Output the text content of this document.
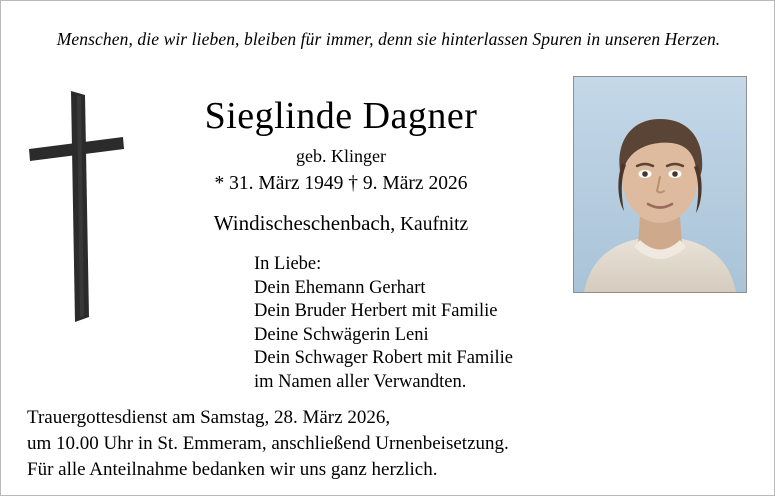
Menschen, die wir lieben, bleiben für immer, denn sie hinterlassen Spuren in unseren Herzen.
Sieglinde Dagner
geb. Klinger
* 31. März 1949 † 9. März 2026
Windischeschenbach, Kaufnitz
In Liebe:
Dein Ehemann Gerhart
Dein Bruder Herbert mit Familie
Deine Schwägerin Leni
Dein Schwager Robert mit Familie
im Namen aller Verwandten.
Trauergottesdienst am Samstag, 28. März 2026,
um 10.00 Uhr in St. Emmeram, anschließend Urnenbeisetzung.
Für alle Anteilnahme bedanken wir uns ganz herzlich.
